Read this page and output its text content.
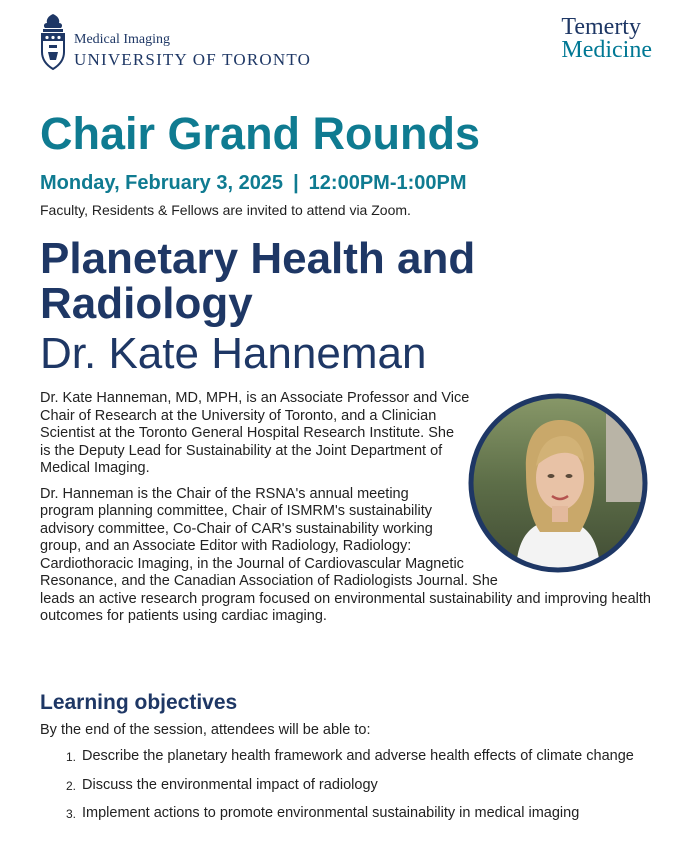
Medical Imaging
UNIVERSITY OF TORONTO
Temerty
Medicine
Chair Grand Rounds
Monday, February 3, 2025 | 12:00PM-1:00PM
Faculty, Residents & Fellows are invited to attend via Zoom.
Planetary Health and Radiology
Dr. Kate Hanneman

Dr. Kate Hanneman, MD, MPH, is an Associate Professor and Vice Chair of Research at the University of Toronto, and a Clinician Scientist at the Toronto General Hospital Research Institute. She is the Deputy Lead for Sustainability at the Joint Department of Medical Imaging.

Dr. Hanneman is the Chair of the RSNA's annual meeting program planning committee, Chair of ISMRM's sustainability advisory committee, Co-Chair of CAR's sustainability working group, and an Associate Editor with Radiology, Radiology: Cardiothoracic Imaging, in the Journal of Cardiovascular Magnetic Resonance, and the Canadian Association of Radiologists Journal. She leads an active research program focused on environmental sustainability and improving health outcomes for patients using cardiac imaging.

Learning objectives
By the end of the session, attendees will be able to:
1. Describe the planetary health framework and adverse health effects of climate change
2. Discuss the environmental impact of radiology
3. Implement actions to promote environmental sustainability in medical imaging
